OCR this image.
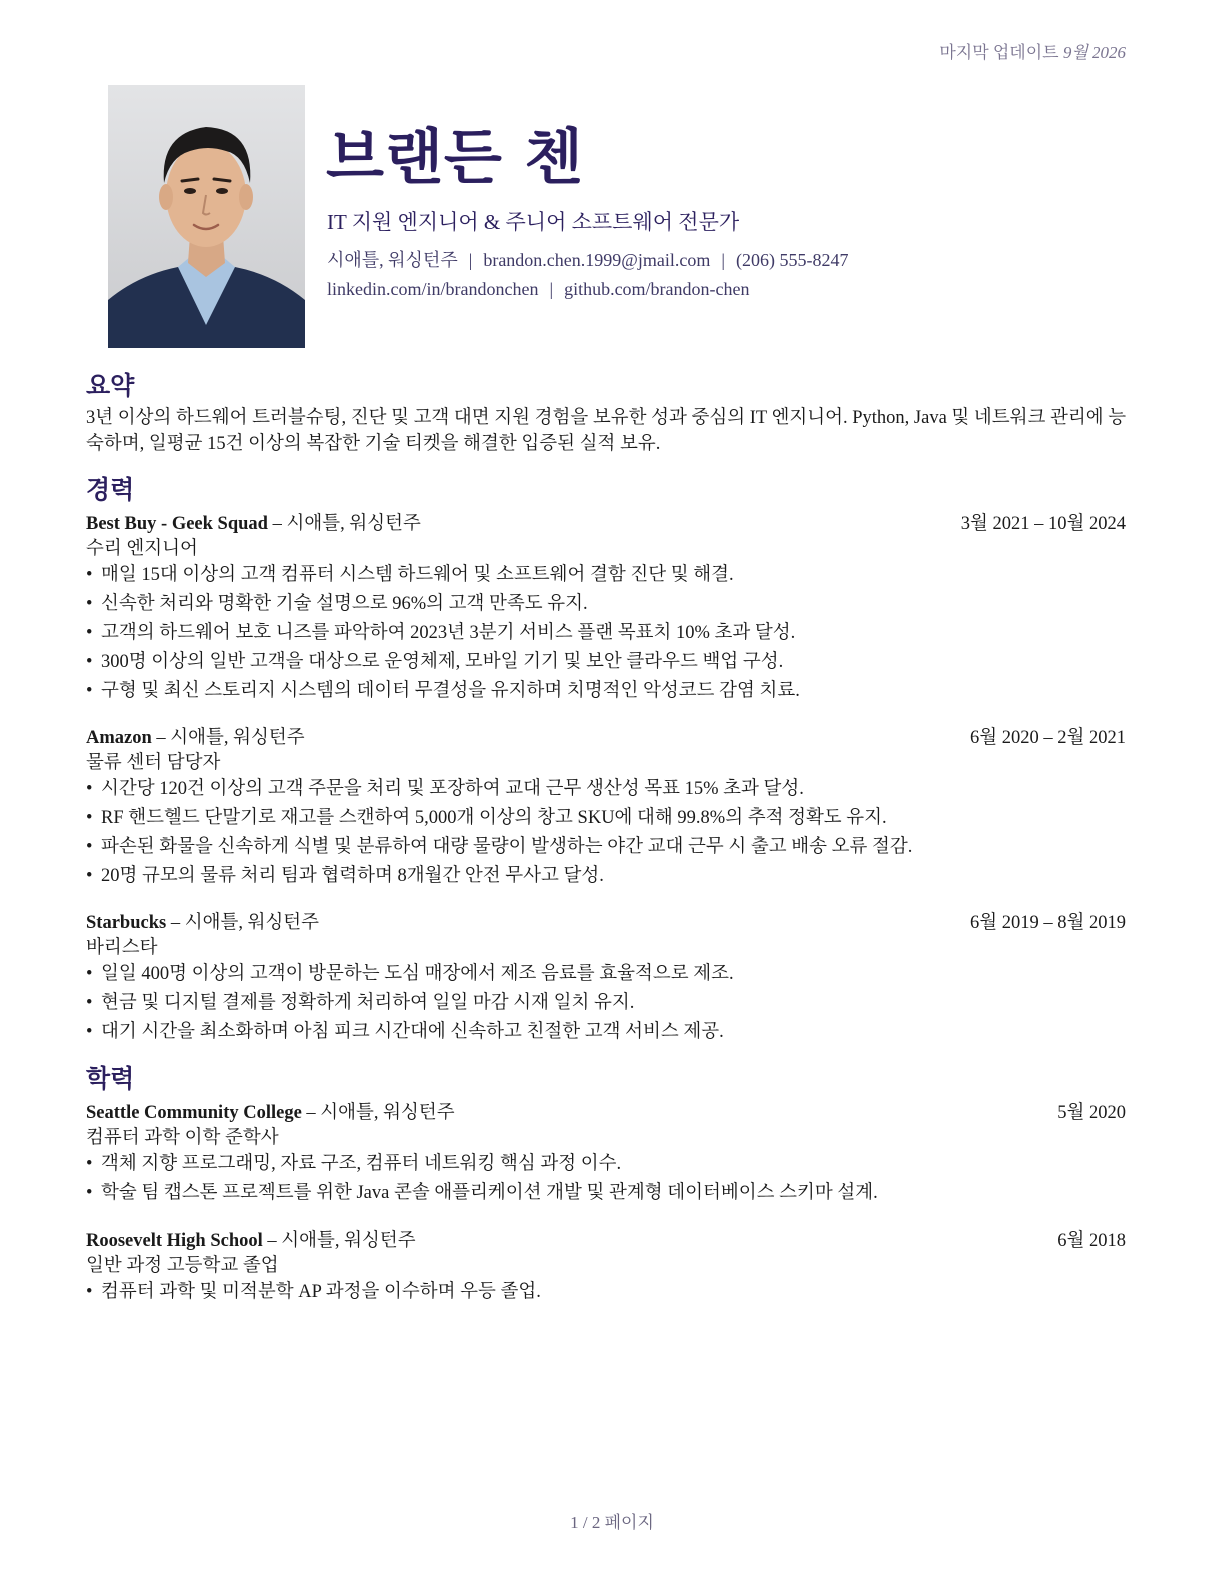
마지막 업데이트 9월 2026
브랜든 첸
IT 지원 엔지니어 & 주니어 소프트웨어 전문가
시애틀, 워싱턴주 | brandon.chen.1999@jmail.com | (206) 555-8247
linkedin.com/in/brandonchen | github.com/brandon-chen
요약
3년 이상의 하드웨어 트러블슈팅, 진단 및 고객 대면 지원 경험을 보유한 성과 중심의 IT 엔지니어. Python, Java 및 네트워크 관리에 능숙하며, 일평균 15건 이상의 복잡한 기술 티켓을 해결한 입증된 실적 보유.
경력
Best Buy - Geek Squad – 시애틀, 워싱턴주	3월 2021 – 10월 2024
수리 엔지니어
• 매일 15대 이상의 고객 컴퓨터 시스템 하드웨어 및 소프트웨어 결함 진단 및 해결.
• 신속한 처리와 명확한 기술 설명으로 96%의 고객 만족도 유지.
• 고객의 하드웨어 보호 니즈를 파악하여 2023년 3분기 서비스 플랜 목표치 10% 초과 달성.
• 300명 이상의 일반 고객을 대상으로 운영체제, 모바일 기기 및 보안 클라우드 백업 구성.
• 구형 및 최신 스토리지 시스템의 데이터 무결성을 유지하며 치명적인 악성코드 감염 치료.
Amazon – 시애틀, 워싱턴주	6월 2020 – 2월 2021
물류 센터 담당자
• 시간당 120건 이상의 고객 주문을 처리 및 포장하여 교대 근무 생산성 목표 15% 초과 달성.
• RF 핸드헬드 단말기로 재고를 스캔하여 5,000개 이상의 창고 SKU에 대해 99.8%의 추적 정확도 유지.
• 파손된 화물을 신속하게 식별 및 분류하여 대량 물량이 발생하는 야간 교대 근무 시 출고 배송 오류 절감.
• 20명 규모의 물류 처리 팀과 협력하며 8개월간 안전 무사고 달성.
Starbucks – 시애틀, 워싱턴주	6월 2019 – 8월 2019
바리스타
• 일일 400명 이상의 고객이 방문하는 도심 매장에서 제조 음료를 효율적으로 제조.
• 현금 및 디지털 결제를 정확하게 처리하여 일일 마감 시재 일치 유지.
• 대기 시간을 최소화하며 아침 피크 시간대에 신속하고 친절한 고객 서비스 제공.
학력
Seattle Community College – 시애틀, 워싱턴주	5월 2020
컴퓨터 과학 이학 준학사
• 객체 지향 프로그래밍, 자료 구조, 컴퓨터 네트워킹 핵심 과정 이수.
• 학술 팀 캡스톤 프로젝트를 위한 Java 콘솔 애플리케이션 개발 및 관계형 데이터베이스 스키마 설계.
Roosevelt High School – 시애틀, 워싱턴주	6월 2018
일반 과정 고등학교 졸업
• 컴퓨터 과학 및 미적분학 AP 과정을 이수하며 우등 졸업.
1 / 2 페이지
